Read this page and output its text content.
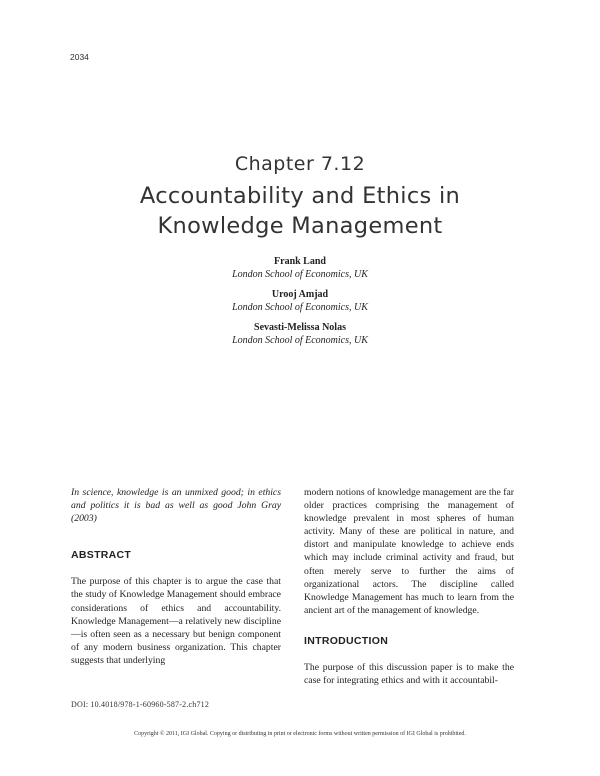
2034
Chapter 7.12
Accountability and Ethics in
Knowledge Management
Frank Land
London School of Economics, UK
Urooj Amjad
London School of Economics, UK
Sevasti-Melissa Nolas
London School of Economics, UK

In science, knowledge is an unmixed good; in ethics and politics it is bad as well as good John Gray (2003)

ABSTRACT

The purpose of this chapter is to argue the case that the study of Knowledge Management should embrace considerations of ethics and accountability. Knowledge Management—a relatively new discipline—is often seen as a necessary but benign component of any modern business organization. This chapter suggests that underlying

modern notions of knowledge management are the far older practices comprising the management of knowledge prevalent in most spheres of human activity. Many of these are political in nature, and distort and manipulate knowledge to achieve ends which may include criminal activity and fraud, but often merely serve to further the aims of organizational actors. The discipline called Knowledge Management has much to learn from the ancient art of the management of knowledge.

INTRODUCTION

The purpose of this discussion paper is to make the case for integrating ethics and with it accountabil-

DOI: 10.4018/978-1-60960-587-2.ch712
Copyright © 2011, IGI Global. Copying or distributing in print or electronic forms without written permission of IGI Global is prohibited.
